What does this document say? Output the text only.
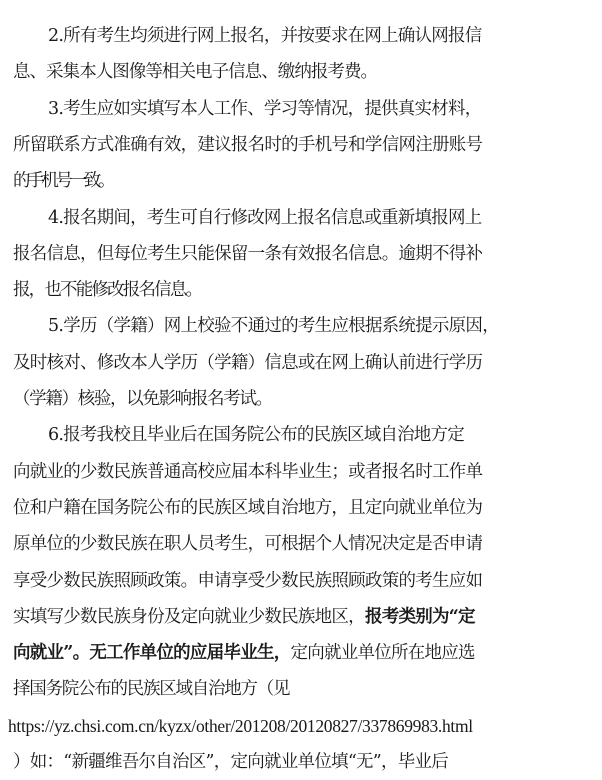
2.所有考生均须进行网上报名，并按要求在网上确认网报信
息、采集本人图像等相关电子信息、缴纳报考费。
3.考生应如实填写本人工作、学习等情况，提供真实材料，
所留联系方式准确有效，建议报名时的手机号和学信网注册账号
的手机号一致。
4.报名期间，考生可自行修改网上报名信息或重新填报网上
报名信息，但每位考生只能保留一条有效报名信息。逾期不得补
报，也不能修改报名信息。
5.学历（学籍）网上校验不通过的考生应根据系统提示原因，
及时核对、修改本人学历（学籍）信息或在网上确认前进行学历
（学籍）核验，以免影响报名考试。
6.报考我校且毕业后在国务院公布的民族区域自治地方定
向就业的少数民族普通高校应届本科毕业生；或者报名时工作单
位和户籍在国务院公布的民族区域自治地方，且定向就业单位为
原单位的少数民族在职人员考生，可根据个人情况决定是否申请
享受少数民族照顾政策。申请享受少数民族照顾政策的考生应如
实填写少数民族身份及定向就业少数民族地区，报考类别为“定
向就业”。无工作单位的应届毕业生，定向就业单位所在地应选
择国务院公布的民族区域自治地方（见
https://yz.chsi.com.cn/kyzx/other/201208/20120827/337869983.html
）如：“新疆维吾尔自治区”，定向就业单位填“无”，毕业后
